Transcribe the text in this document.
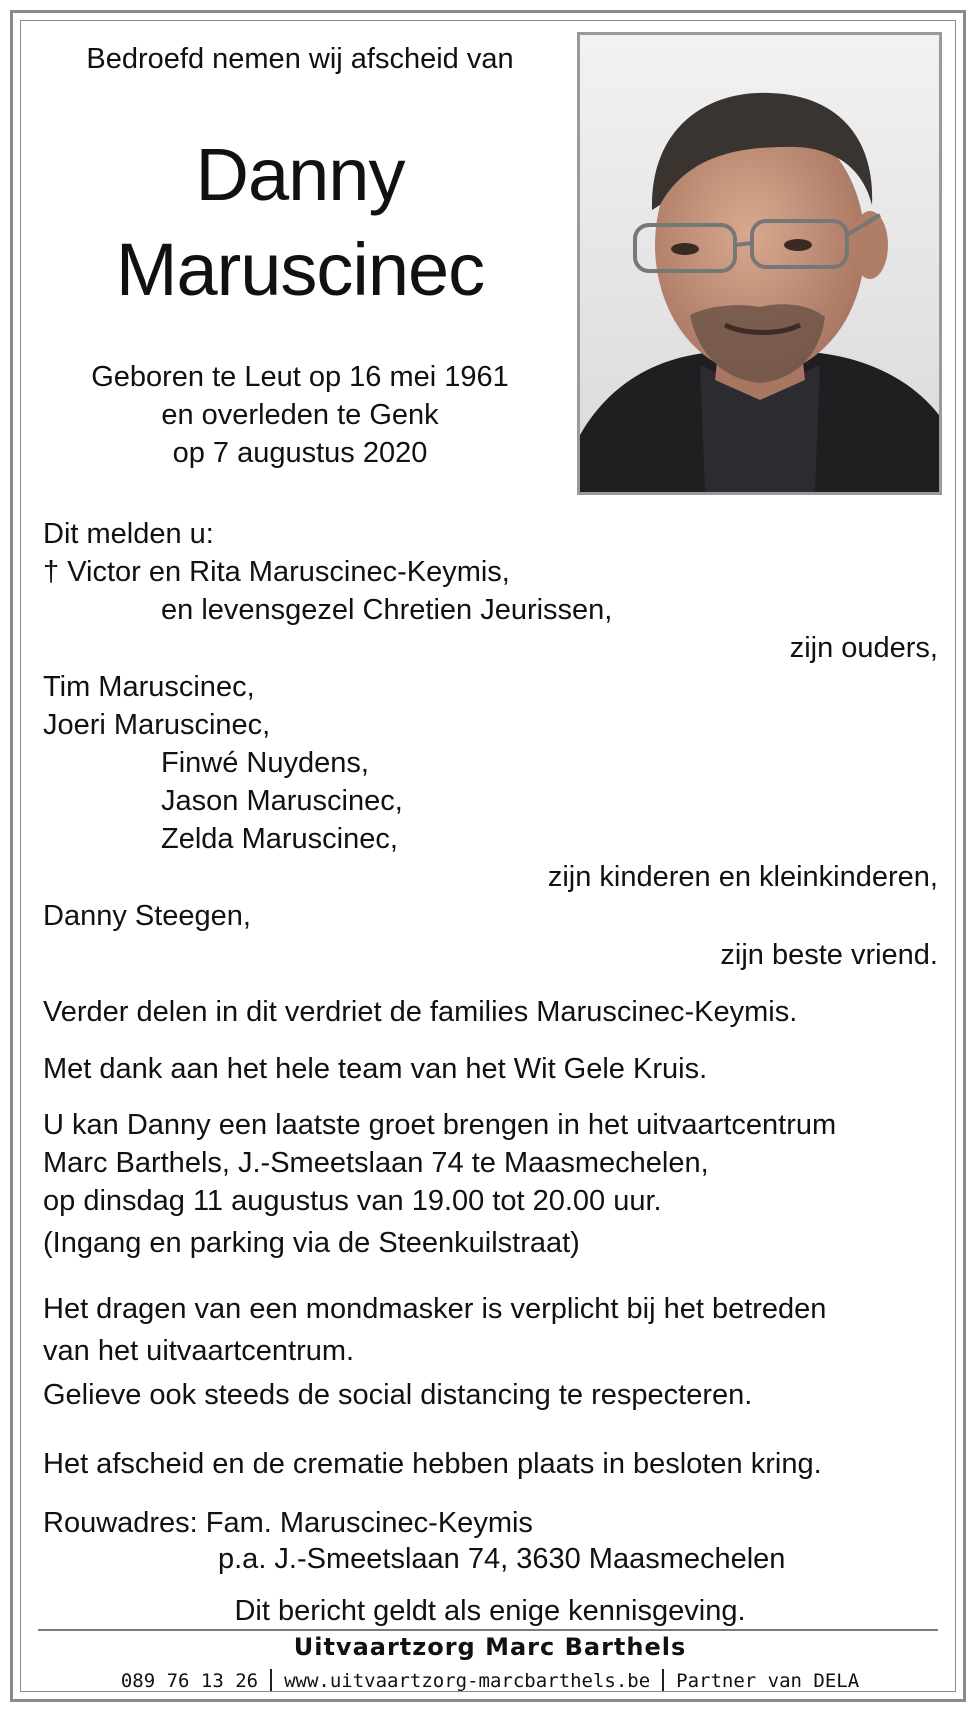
Bedroefd nemen wij afscheid van
Danny
Maruscinec
Geboren te Leut op 16 mei 1961
en overleden te Genk
op 7 augustus 2020
Dit melden u:
† Victor en Rita Maruscinec-Keymis,
en levensgezel Chretien Jeurissen,
zijn ouders,
Tim Maruscinec,
Joeri Maruscinec,
Finwé Nuydens,
Jason Maruscinec,
Zelda Maruscinec,
zijn kinderen en kleinkinderen,
Danny Steegen,
zijn beste vriend.
Verder delen in dit verdriet de families Maruscinec-Keymis.
Met dank aan het hele team van het Wit Gele Kruis.
U kan Danny een laatste groet brengen in het uitvaartcentrum
Marc Barthels, J.-Smeetslaan 74 te Maasmechelen,
op dinsdag 11 augustus van 19.00 tot 20.00 uur.
(Ingang en parking via de Steenkuilstraat)
Het dragen van een mondmasker is verplicht bij het betreden
van het uitvaartcentrum.
Gelieve ook steeds de social distancing te respecteren.
Het afscheid en de crematie hebben plaats in besloten kring.
Rouwadres: Fam. Maruscinec-Keymis
p.a. J.-Smeetslaan 74, 3630 Maasmechelen
Dit bericht geldt als enige kennisgeving.
Uitvaartzorg Marc Barthels
089 76 13 26 www.uitvaartzorg-marcbarthels.be Partner van DELA
